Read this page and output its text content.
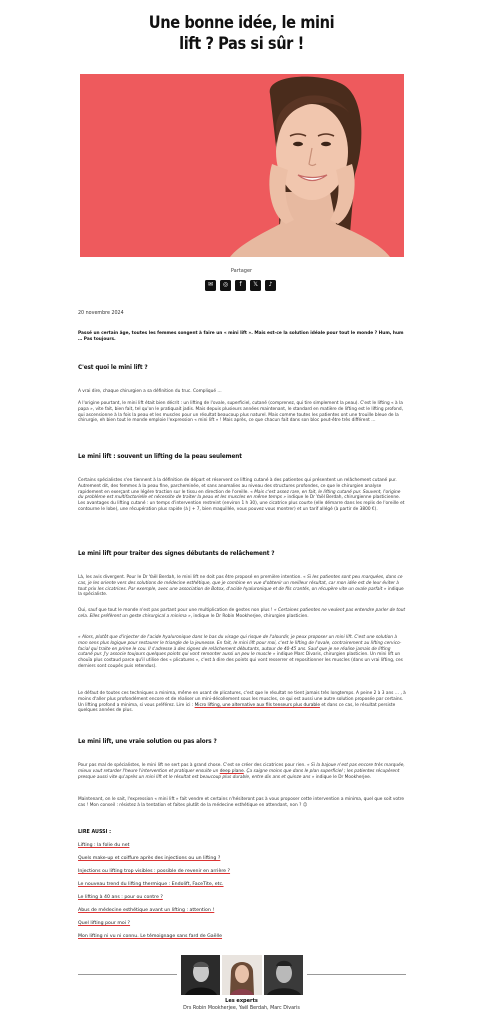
Une bonne idée, le mini
lift ? Pas si sûr !
Partager
✉	◎	f	𝕏	♪
20 novembre 2024
Passé un certain âge, toutes les femmes songent à faire un « mini lift ». Mais est-ce la solution idéale pour tout le monde ? Hum, hum … Pas toujours.
C'est quoi le mini lift ?
A vrai dire, chaque chirurgien a sa définition du truc. Compliqué …
A l'origine pourtant, le mini lift était bien décrit : un lifting de l'ovale, superficiel, cutané (comprenez, qui tire simplement la peau). C'est le lifting « à la papa », vite fait, bien fait, tel qu'on le pratiquait jadis. Mais depuis plusieurs années maintenant, le standard en matière de lifting est le lifting profond, qui ascensionne à la fois la peau et les muscles pour un résultat beaucoup plus naturel. Mais comme toutes les patientes ont une trouille bleue de la chirurgie, eh bien tout le monde emploie l'expression « mini lift » ! Mais après, ce que chacun fait dans son bloc peut-être très différent …
Le mini lift : souvent un lifting de la peau seulement
Certains spécialistes s'en tiennent à la définition de départ et réservent ce lifting cutané à des patientes qui présentent un relâchement cutané pur. Autrement dit, des femmes à la peau fine, parcheminée, et sans anomalies au niveau des structures profondes, ce que le chirurgien analyse rapidement en exerçant une légère traction sur le tissu en direction de l'oreille. « Mais c'est assez rare, en fait, le lifting cutané pur. Souvent, l'origine du problème est multifactorielle et nécessite de traiter la peau et les muscles en même temps » indique le Dr Yaël Berdah, chirurgienne plasticienne. Les avantages du lifting cutané : un temps d'intervention restreint (environ 1 h 30), une cicatrice plus courte (elle démarre dans les replis de l'oreille et contourne le lobe), une récupération plus rapide (à J + 7, bien maquillée, vous pouvez vous montrer) et un tarif allégé (à partir de 3800 €).
Le mini lift pour traiter des signes débutants de relâchement ?
Là, les avis divergent. Pour le Dr Yaël Berdah, le mini lift ne doit pas être proposé en première intention. « Si les patientes sont peu marquées, dans ce cas, je les oriente vers des solutions de médecine esthétique, que je combine en vue d'obtenir un meilleur résultat, car mon idée est de leur éviter à tout prix les cicatrices. Par exemple, avec une association de Botox, d'acide hyaluronique et de fils crantés, on récupère vite un ovale parfait » indique la spécialiste.
Oui, sauf que tout le monde n'est pas partant pour une multiplication de gestes non plus ! « Certaines patientes ne veulent pas entendre parler de tout cela. Elles préfèrent un geste chirurgical a minima », indique le Dr Robin Mookherjee, chirurgien plasticien.
« Alors, plutôt que d'injecter de l'acide hyaluronique dans le bas du visage qui risque de l'alourdir, je peux proposer un mini lift. C'est une solution à mon sens plus logique pour restaurer le triangle de la jeunesse. En fait, le mini lift pour moi, c'est le lifting de l'ovale, contrairement au lifting cervico-facial qui traite en prime le cou. Il s'adresse à des signes de relâchement débutants, autour de 40-45 ans. Sauf que je ne réalise jamais de lifting cutané pur. J'y associe toujours quelques points qui vont remonter aussi un peu le muscle » indique Marc Divaris, chirurgien plasticien. Un mini lift un chouïa plus costaud parce qu'il utilise des « plicatures », c'est à dire des points qui vont resserrer et repositionner les muscles (dans un vrai lifting, ces derniers sont coupés puis retendus).
Le défaut de toutes ces techniques a minima, même en usant de plicatures, c'est que le résultat ne tient jamais très longtemps. A peine 2 à 3 ans … , à moins d'aller plus profondément encore et de réaliser un mini-décollement sous les muscles, ce qui est aussi une autre solution proposée par certains. Un lifting profond a minima, si vous préférez. Lire ici : Micro lifting, une alternative aux fils tenseurs plus durable et dans ce cas, le résultat persiste quelques années de plus.
Le mini lift, une vraie solution ou pas alors ?
Pour pas mal de spécialistes, le mini lift ne sert pas à grand chose. C'est se créer des cicatrices pour rien. « Si la bajoue n'est pas encore très marquée, mieux vaut retarder l'heure l'intervention et pratiquer ensuite un deep plane. Ça saigne moins que dans le plan superficiel ; les patientes récupèrent presque aussi vite qu'après un mini lift et le résultat est beaucoup plus durable, entre dix ans et quinze ans » indique le Dr Mookherjee.
Maintenant, on le sait, l'expression « mini lift » fait vendre et certains n'hésiteront pas à vous proposer cette intervention a minima, quel que soit votre cas ! Mon conseil : résistez à la tentation et faites plutôt de la médecine esthétique en attendant, non ? 😉
LIRE AUSSI :
Lifting : la folie du net
Quels make-up et coiffure après des injections ou un lifting ?
Injections ou lifting trop visibles : possible de revenir en arrière ?
Le nouveau trend du lifting thermique : Endolift, FaceTite, etc.
Le lifting à 40 ans : pour ou contre ?
Abus de médecine esthétique avant un lifting : attention !
Quel lifting pour moi ?
Mon lifting ni vu ni connu. Le témoignage sans fard de Gaëlle
Les experts
Drs Robin Mookherjee, Yaël Berdah, Marc Divaris
